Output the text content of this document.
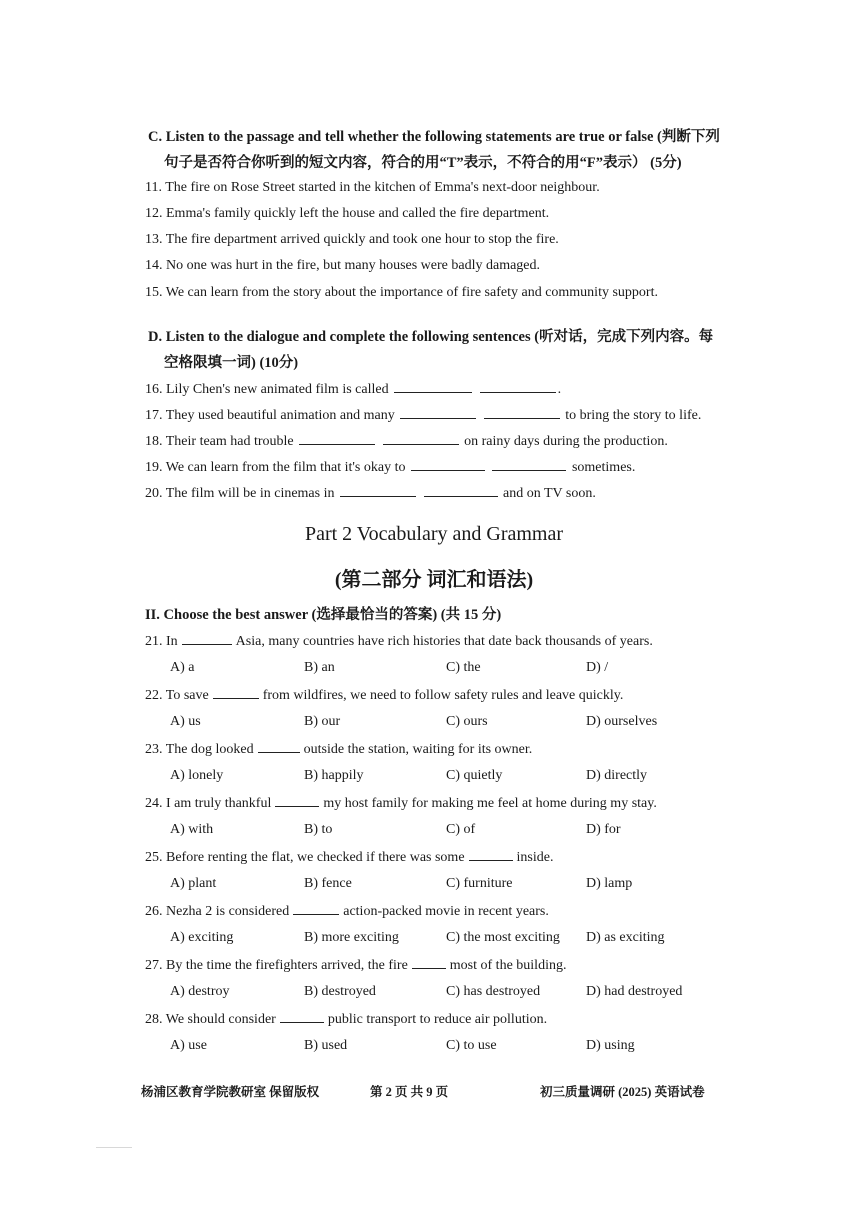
C. Listen to the passage and tell whether the following statements are true or false (判断下列
句子是否符合你听到的短文内容，符合的用“T”表示，不符合的用“F”表示） (5分)
11. The fire on Rose Street started in the kitchen of Emma's next-door neighbour.
12. Emma's family quickly left the house and called the fire department.
13. The fire department arrived quickly and took one hour to stop the fire.
14. No one was hurt in the fire, but many houses were badly damaged.
15. We can learn from the story about the importance of fire safety and community support.
D. Listen to the dialogue and complete the following sentences (听对话，完成下列内容。每
空格限填一词) (10分)
16. Lily Chen's new animated film is called	.
17. They used beautiful animation and many	to bring the story to life.
18. Their team had trouble	on rainy days during the production.
19. We can learn from the film that it's okay to	sometimes.
20. The film will be in cinemas in	and on TV soon.
Part 2 Vocabulary and Grammar
(第二部分 词汇和语法)
II. Choose the best answer (选择最恰当的答案) (共 15 分)
21. In	Asia, many countries have rich histories that date back thousands of years.
A) a	B) an	C) the	D) /
22. To save	from wildfires, we need to follow safety rules and leave quickly.
A) us	B) our	C) ours	D) ourselves
23. The dog looked	outside the station, waiting for its owner.
A) lonely	B) happily	C) quietly	D) directly
24. I am truly thankful	my host family for making me feel at home during my stay.
A) with	B) to	C) of	D) for
25. Before renting the flat, we checked if there was some	inside.
A) plant	B) fence	C) furniture	D) lamp
26. Nezha 2 is considered	action-packed movie in recent years.
A) exciting	B) more exciting	C) the most exciting D) as exciting
27. By the time the firefighters arrived, the fire	most of the building.
A) destroy	B) destroyed	C) has destroyed	D) had destroyed
28. We should consider	public transport to reduce air pollution.
A) use	B) used	C) to use	D) using
杨浦区教育学院教研室 保留版权	第 2 页 共 9 页	初三质量调研 (2025) 英语试卷
